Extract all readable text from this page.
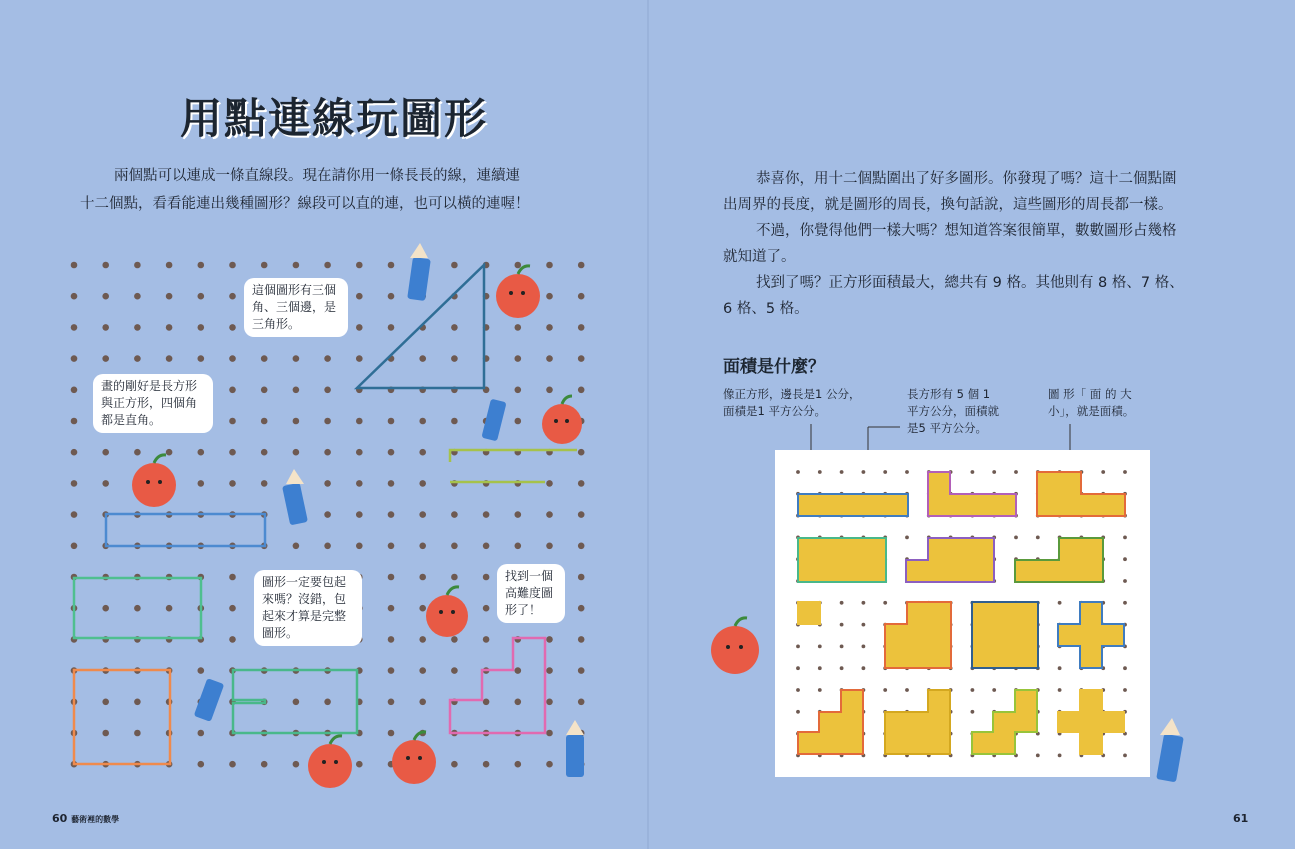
用點連線玩圖形
兩個點可以連成一條直線段。現在請你用一條長長的線，連續連
十二個點，看看能連出幾種圖形？線段可以直的連，也可以橫的連喔！
這個圖形有三個
角、三個邊，是
三角形。
畫的剛好是長方形
與正方形，四個角
都是直角。
圖形一定要包起
來嗎？沒錯，包
起來才算是完整
圖形。
找到一個
高難度圖
形了！
60 藝術裡的數學
恭喜你，用十二個點圍出了好多圖形。你發現了嗎？這十二個點圍
出周界的長度，就是圖形的周長，換句話說，這些圖形的周長都一樣。
不過，你覺得他們一樣大嗎？想知道答案很簡單，數數圖形占幾格
就知道了。
找到了嗎？正方形面積最大，總共有 9 格。其他則有 8 格、7 格、
6 格、5 格。
面積是什麼？
像正方形，邊長是1 公分，
面積是1 平方公分。
長方形有 5 個 1
平方公分，面積就
是5 平方公分。
圖 形「 面 的 大
小」，就是面積。
61
